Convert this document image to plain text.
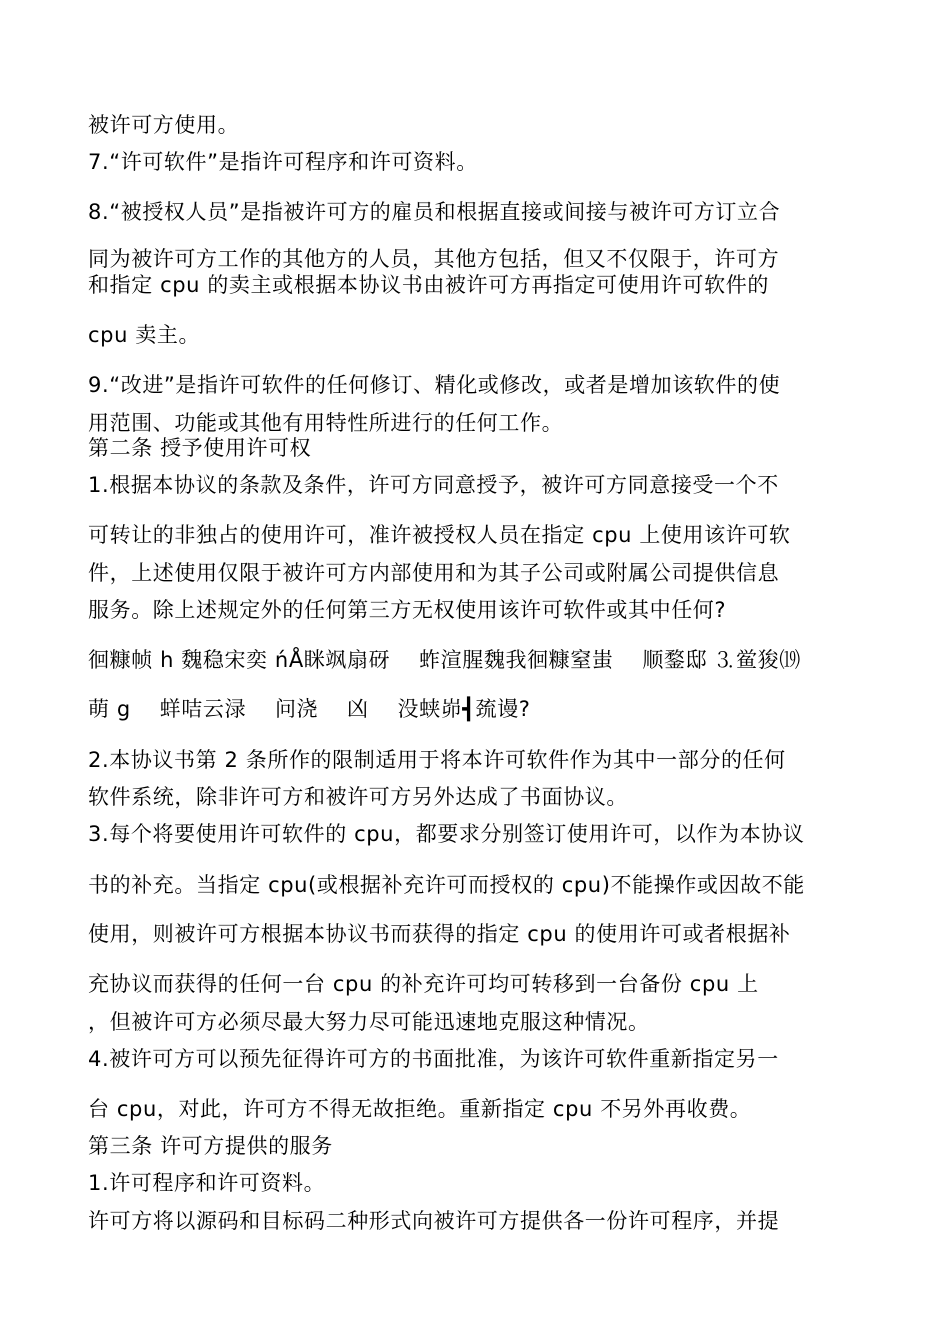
被许可方使用。
7.“许可软件”是指许可程序和许可资料。
8.“被授权人员”是指被许可方的雇员和根据直接或间接与被许可方订立合
同为被许可方工作的其他方的人员，其他方包括，但又不仅限于，许可方
和指定 cpu 的卖主或根据本协议书由被许可方再指定可使用许可软件的
cpu 卖主。
9.“改进”是指许可软件的任何修订、精化或修改，或者是增加该软件的使
用范围、功能或其他有用特性所进行的任何工作。
第二条 授予使用许可权
1.根据本协议的条款及条件，许可方同意授予，被许可方同意接受一个不
可转让的非独占的使用许可，准许被授权人员在指定 cpu 上使用该许可软
件，上述使用仅限于被许可方内部使用和为其子公司或附属公司提供信息
服务。除上述规定外的任何第三方无权使用该许可软件或其中任何?
徊糠帧 h 魏稳宋奕 ńÅ眯飒扇砑　 蚱渲腥魏我徊糠窒蚩　 顺鍪邸 ⒊鲎狻⒆
萌 g　 蛘咭云渌　 问浇　 凶　 没蛱峁┫巯谩?
2.本协议书第 2 条所作的限制适用于将本许可软件作为其中一部分的任何
软件系统，除非许可方和被许可方另外达成了书面协议。
3.每个将要使用许可软件的 cpu，都要求分别签订使用许可，以作为本协议
书的补充。当指定 cpu(或根据补充许可而授权的 cpu)不能操作或因故不能
使用，则被许可方根据本协议书而获得的指定 cpu 的使用许可或者根据补
充协议而获得的任何一台 cpu 的补充许可均可转移到一台备份 cpu 上
，但被许可方必须尽最大努力尽可能迅速地克服这种情况。
4.被许可方可以预先征得许可方的书面批准，为该许可软件重新指定另一
台 cpu，对此，许可方不得无故拒绝。重新指定 cpu 不另外再收费。
第三条 许可方提供的服务
1.许可程序和许可资料。
许可方将以源码和目标码二种形式向被许可方提供各一份许可程序，并提
